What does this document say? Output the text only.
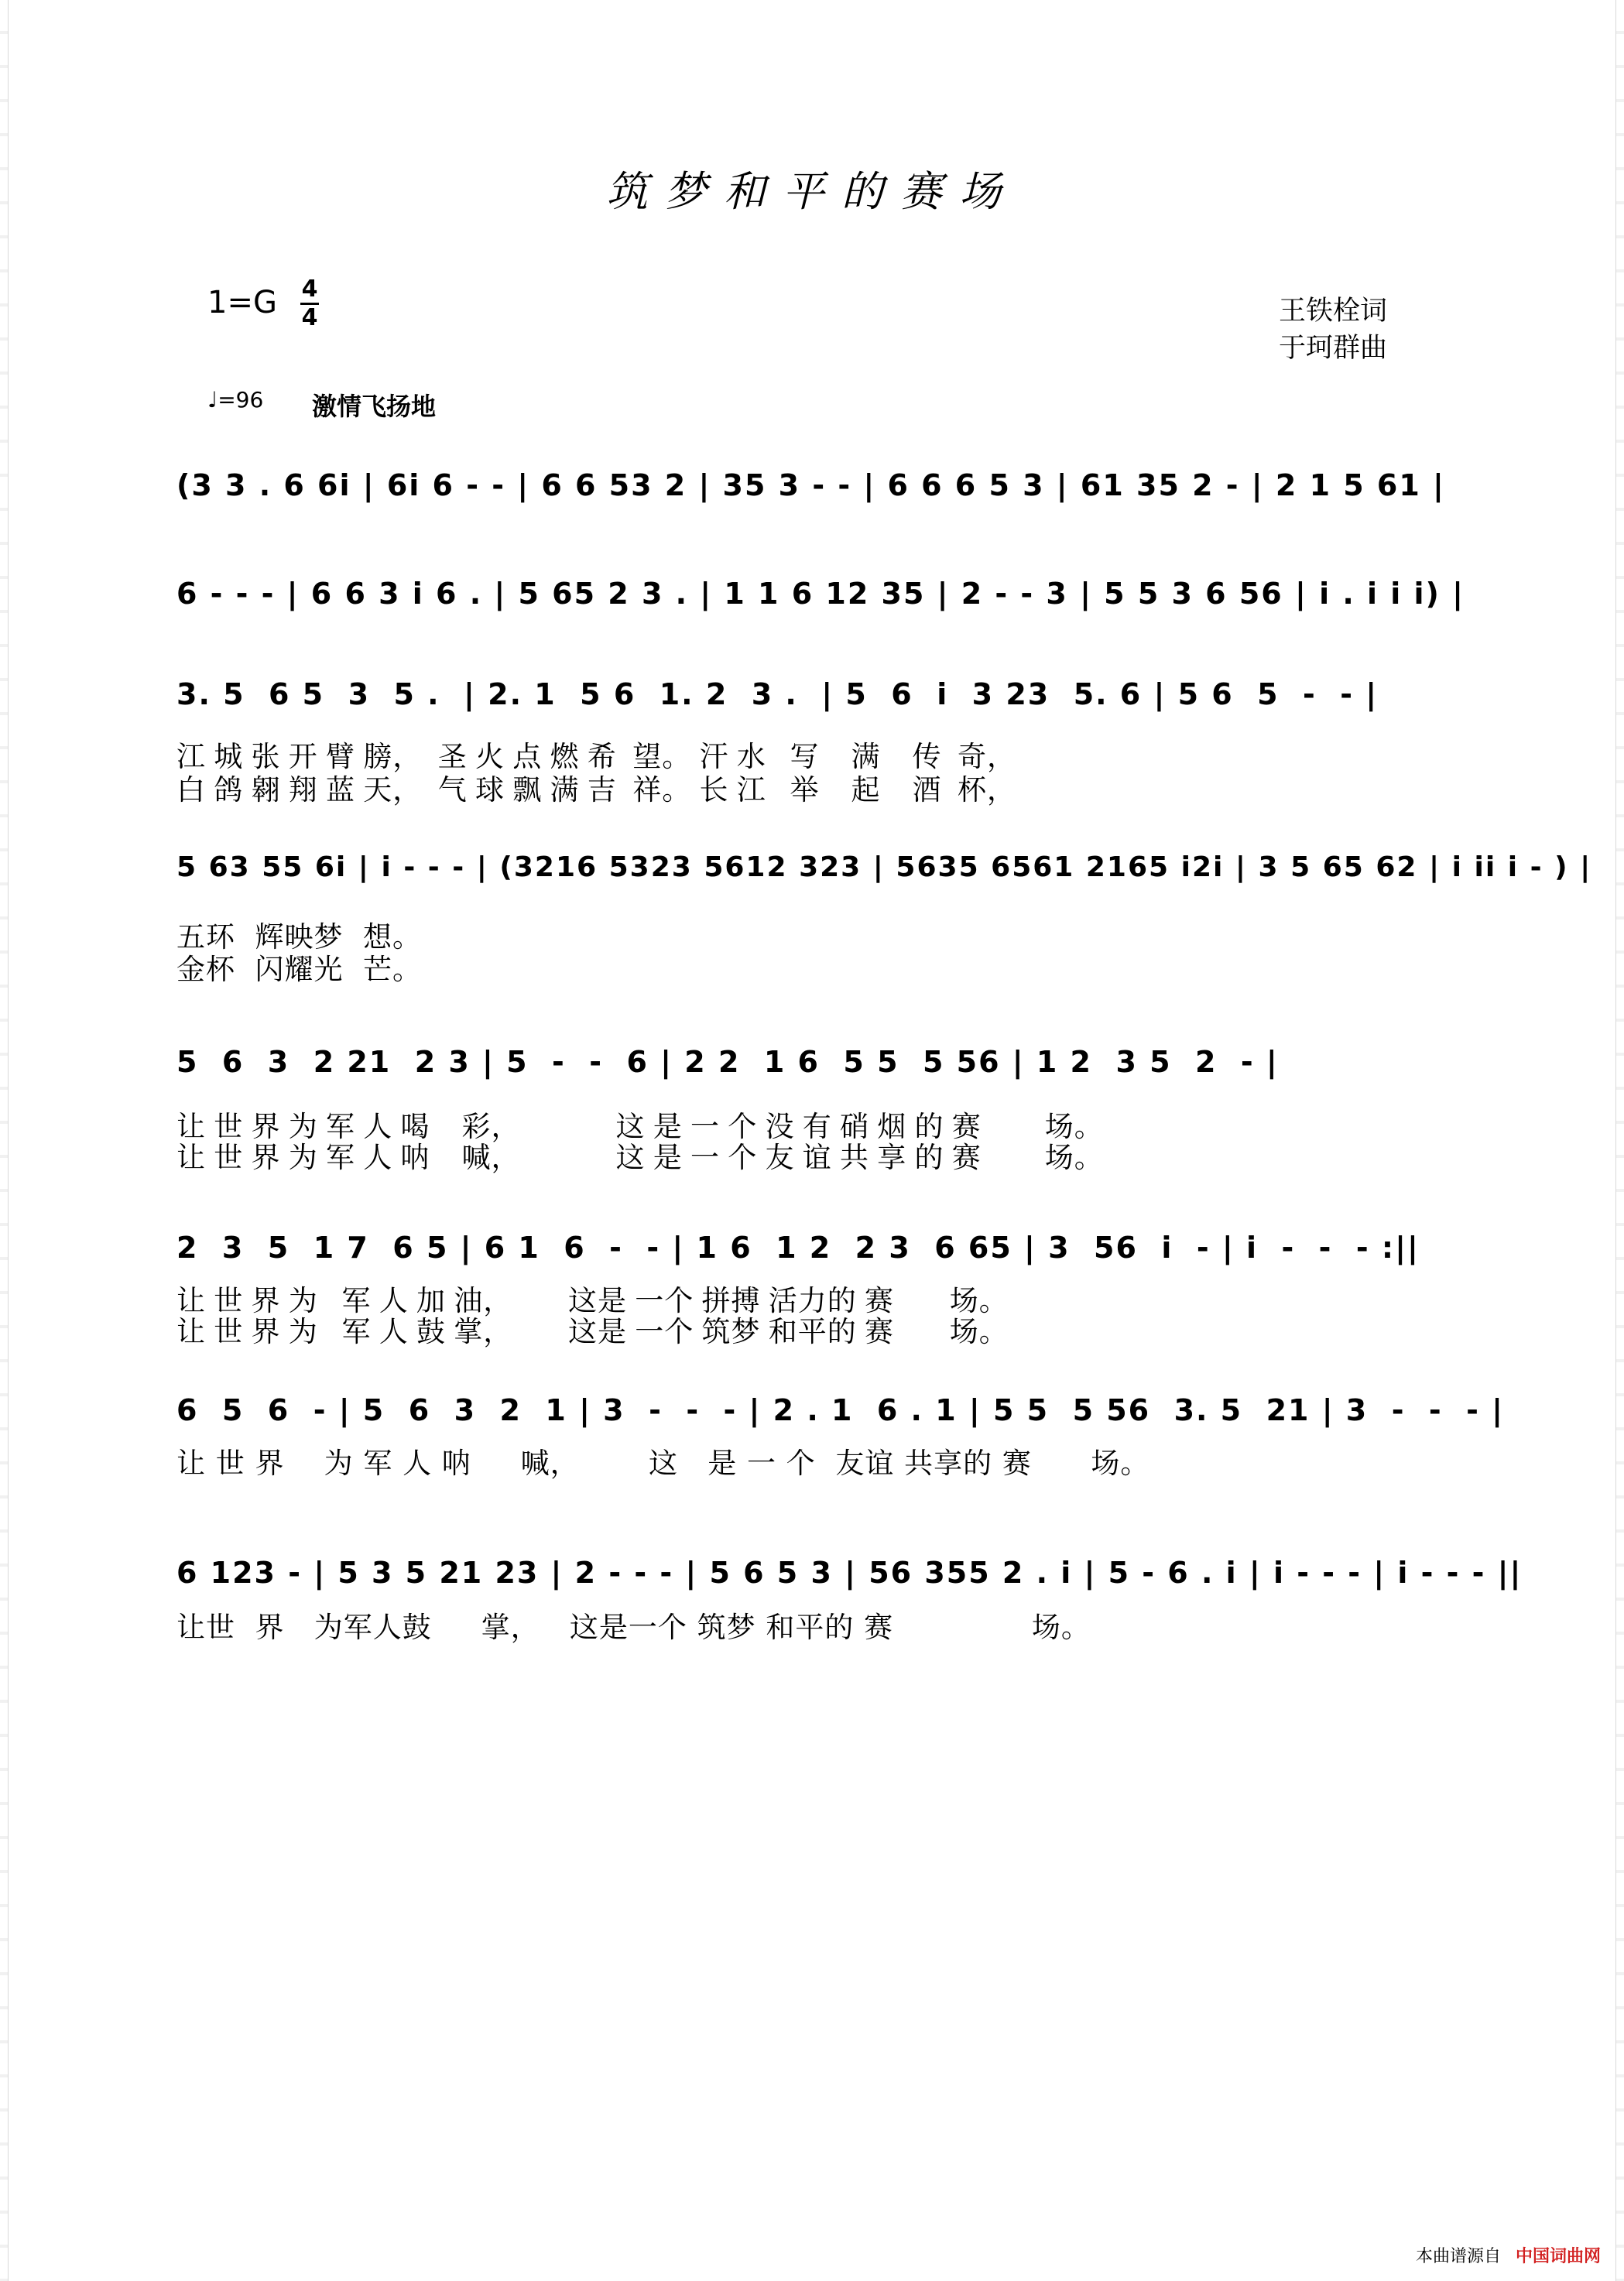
筑梦和平的赛场
1=G 4
4	王铁栓词
于珂群曲
♩=96 激情飞扬地
(3 3 . 6 6i | 6i 6 - - | 6 6 53 2 | 35 3 - - | 6 6 6 5 3 | 61 35 2 - | 2 1 5 61 |
6 - - - | 6 6 3 i 6 . | 5 65 2 3 . | 1 1 6 12 35 | 2 - - 3 | 5 5 3 6 56 | i . i i i) |
3. 5  6 5  3  5 .  | 2. 1  5 6  1. 2  3 .  | 5  6  i  3 23  5. 6 | 5 6  5  -  - |
江 城 张 开 臂 膀，  圣 火 点 燃 希  望。 汗 水   写    满    传  奇，
白 鸽 翱 翔 蓝 天，  气 球 飘 满 吉  祥。 长 江   举    起    酒  杯，
5 63 55 6i | i - - - | (3216 5323 5612 323 | 5635 6561 2165 i2i | 3 5 65 62 | i ii i - ) |
五环  辉映梦  想。
金杯  闪耀光  芒。
5  6  3  2 21  2 3 | 5  -  -  6 | 2 2  1 6  5 5  5 56 | 1 2  3 5  2  - |
让 世 界 为 军 人 喝    彩，            这 是 一 个 没 有 硝 烟 的 赛        场。
让 世 界 为 军 人 呐    喊，            这 是 一 个 友 谊 共 享 的 赛        场。
2  3  5  1 7  6 5 | 6 1  6  -  - | 1 6  1 2  2 3  6 65 | 3  56  i  - | i  -  -  - :||
让 世 界 为   军 人 加 油，       这是 一个 拼搏 活力的 赛       场。
让 世 界 为   军 人 鼓 掌，       这是 一个 筑梦 和平的 赛       场。
6  5  6  - | 5  6  3  2  1 | 3  -  -  - | 2 . 1  6 . 1 | 5 5  5 56  3. 5  21 | 3  -  -  - |
让 世 界    为 军 人 呐     喊，       这   是 一 个  友谊 共享的 赛      场。
6 123 - | 5 3 5 21 23 | 2 - - - | 5 6 5 3 | 56 355 2 . i | 5 - 6 . i | i - - - | i - - - ||
让世  界   为军人鼓     掌，   这是一个 筑梦 和平的 赛              场。
本曲谱源自 中国词曲网
